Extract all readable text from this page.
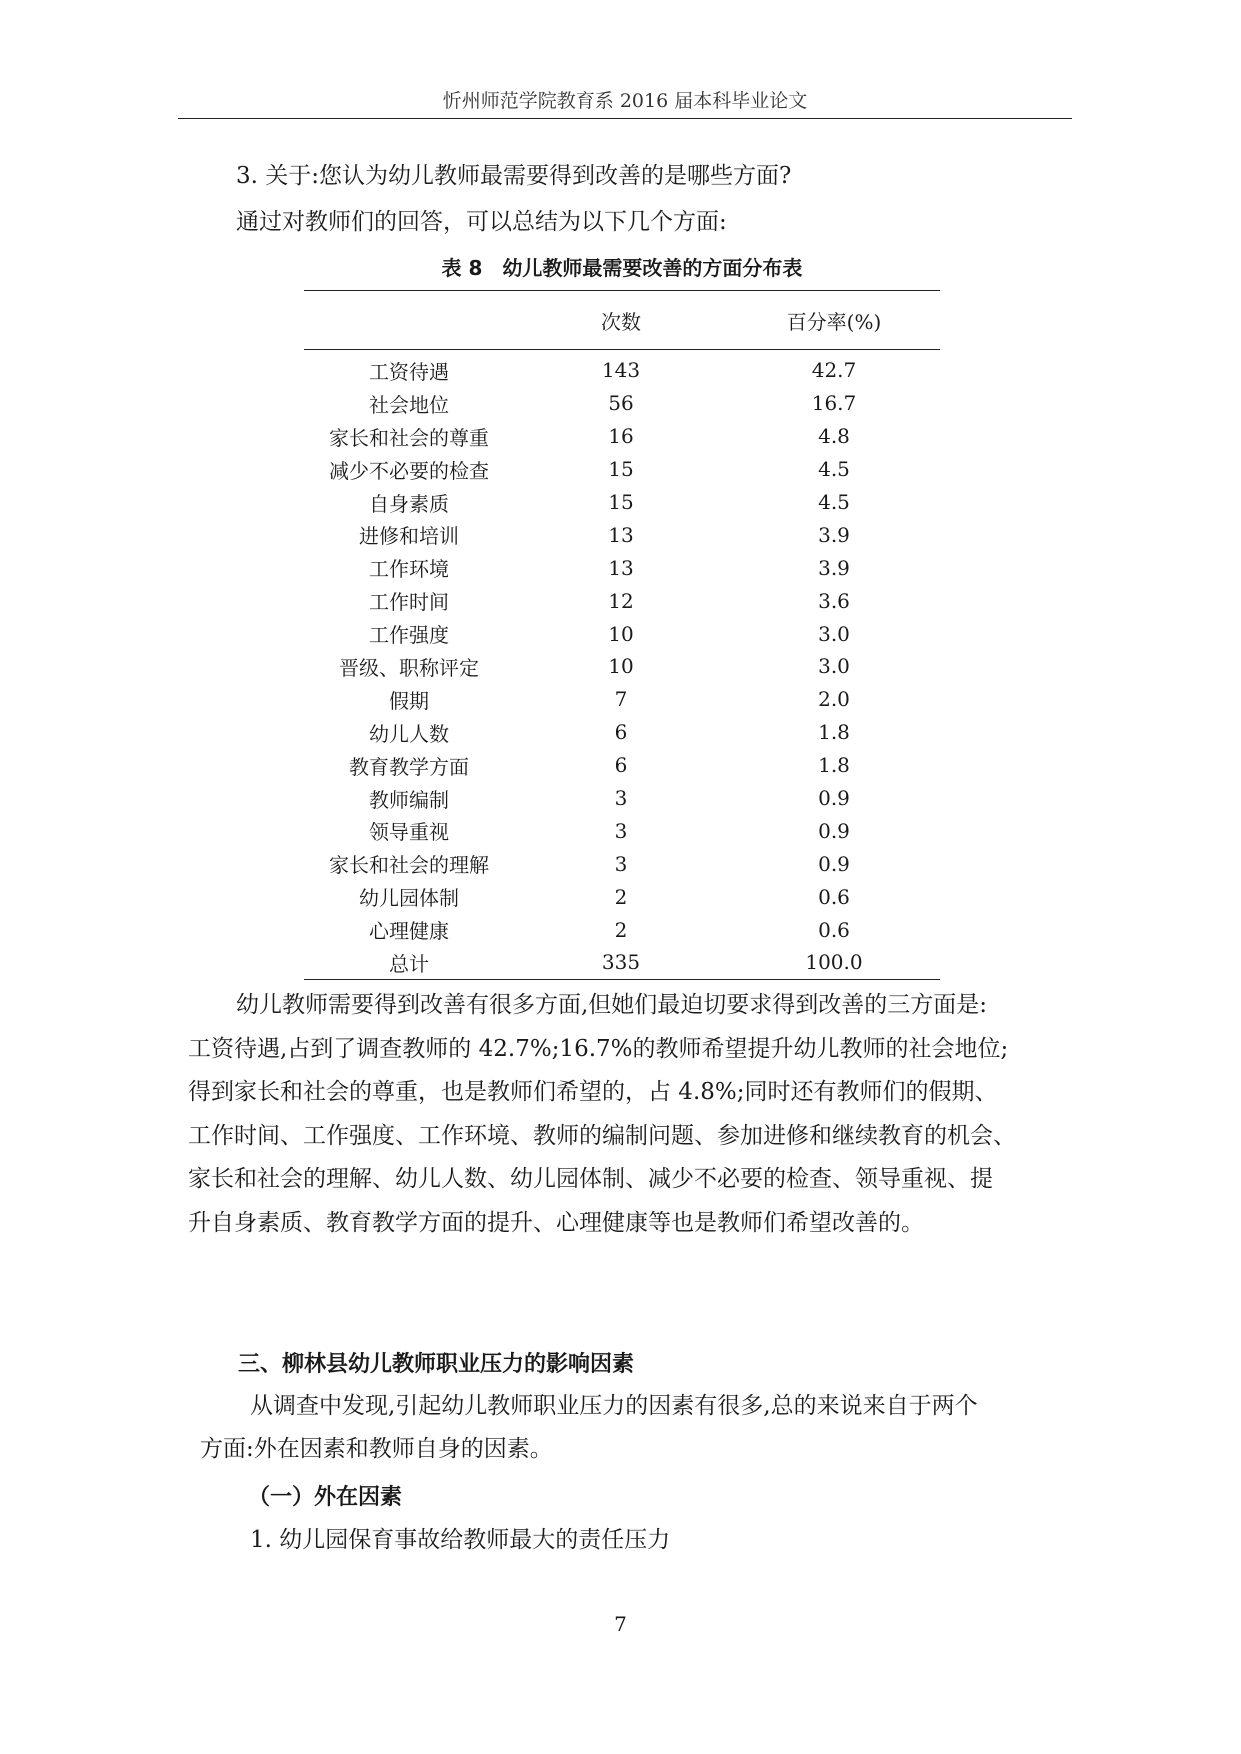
忻州师范学院教育系 2016 届本科毕业论文
3. 关于:您认为幼儿教师最需要得到改善的是哪些方面?
通过对教师们的回答，可以总结为以下几个方面:
表 8　幼儿教师最需要改善的方面分布表
	次数	百分率(%)
工资待遇	143	42.7
社会地位	56	16.7
家长和社会的尊重	16	4.8
减少不必要的检查	15	4.5
自身素质	15	4.5
进修和培训	13	3.9
工作环境	13	3.9
工作时间	12	3.6
工作强度	10	3.0
晋级、职称评定	10	3.0
假期	7	2.0
幼儿人数	6	1.8
教育教学方面	6	1.8
教师编制	3	0.9
领导重视	3	0.9
家长和社会的理解	3	0.9
幼儿园体制	2	0.6
心理健康	2	0.6
总计	335	100.0
幼儿教师需要得到改善有很多方面,但她们最迫切要求得到改善的三方面是:
工资待遇,占到了调查教师的 42.7%;16.7%的教师希望提升幼儿教师的社会地位;
得到家长和社会的尊重，也是教师们希望的，占 4.8%;同时还有教师们的假期、
工作时间、工作强度、工作环境、教师的编制问题、参加进修和继续教育的机会、
家长和社会的理解、幼儿人数、幼儿园体制、减少不必要的检查、领导重视、提
升自身素质、教育教学方面的提升、心理健康等也是教师们希望改善的。
三、柳林县幼儿教师职业压力的影响因素
从调查中发现,引起幼儿教师职业压力的因素有很多,总的来说来自于两个
方面:外在因素和教师自身的因素。
（一）外在因素
1. 幼儿园保育事故给教师最大的责任压力
7
